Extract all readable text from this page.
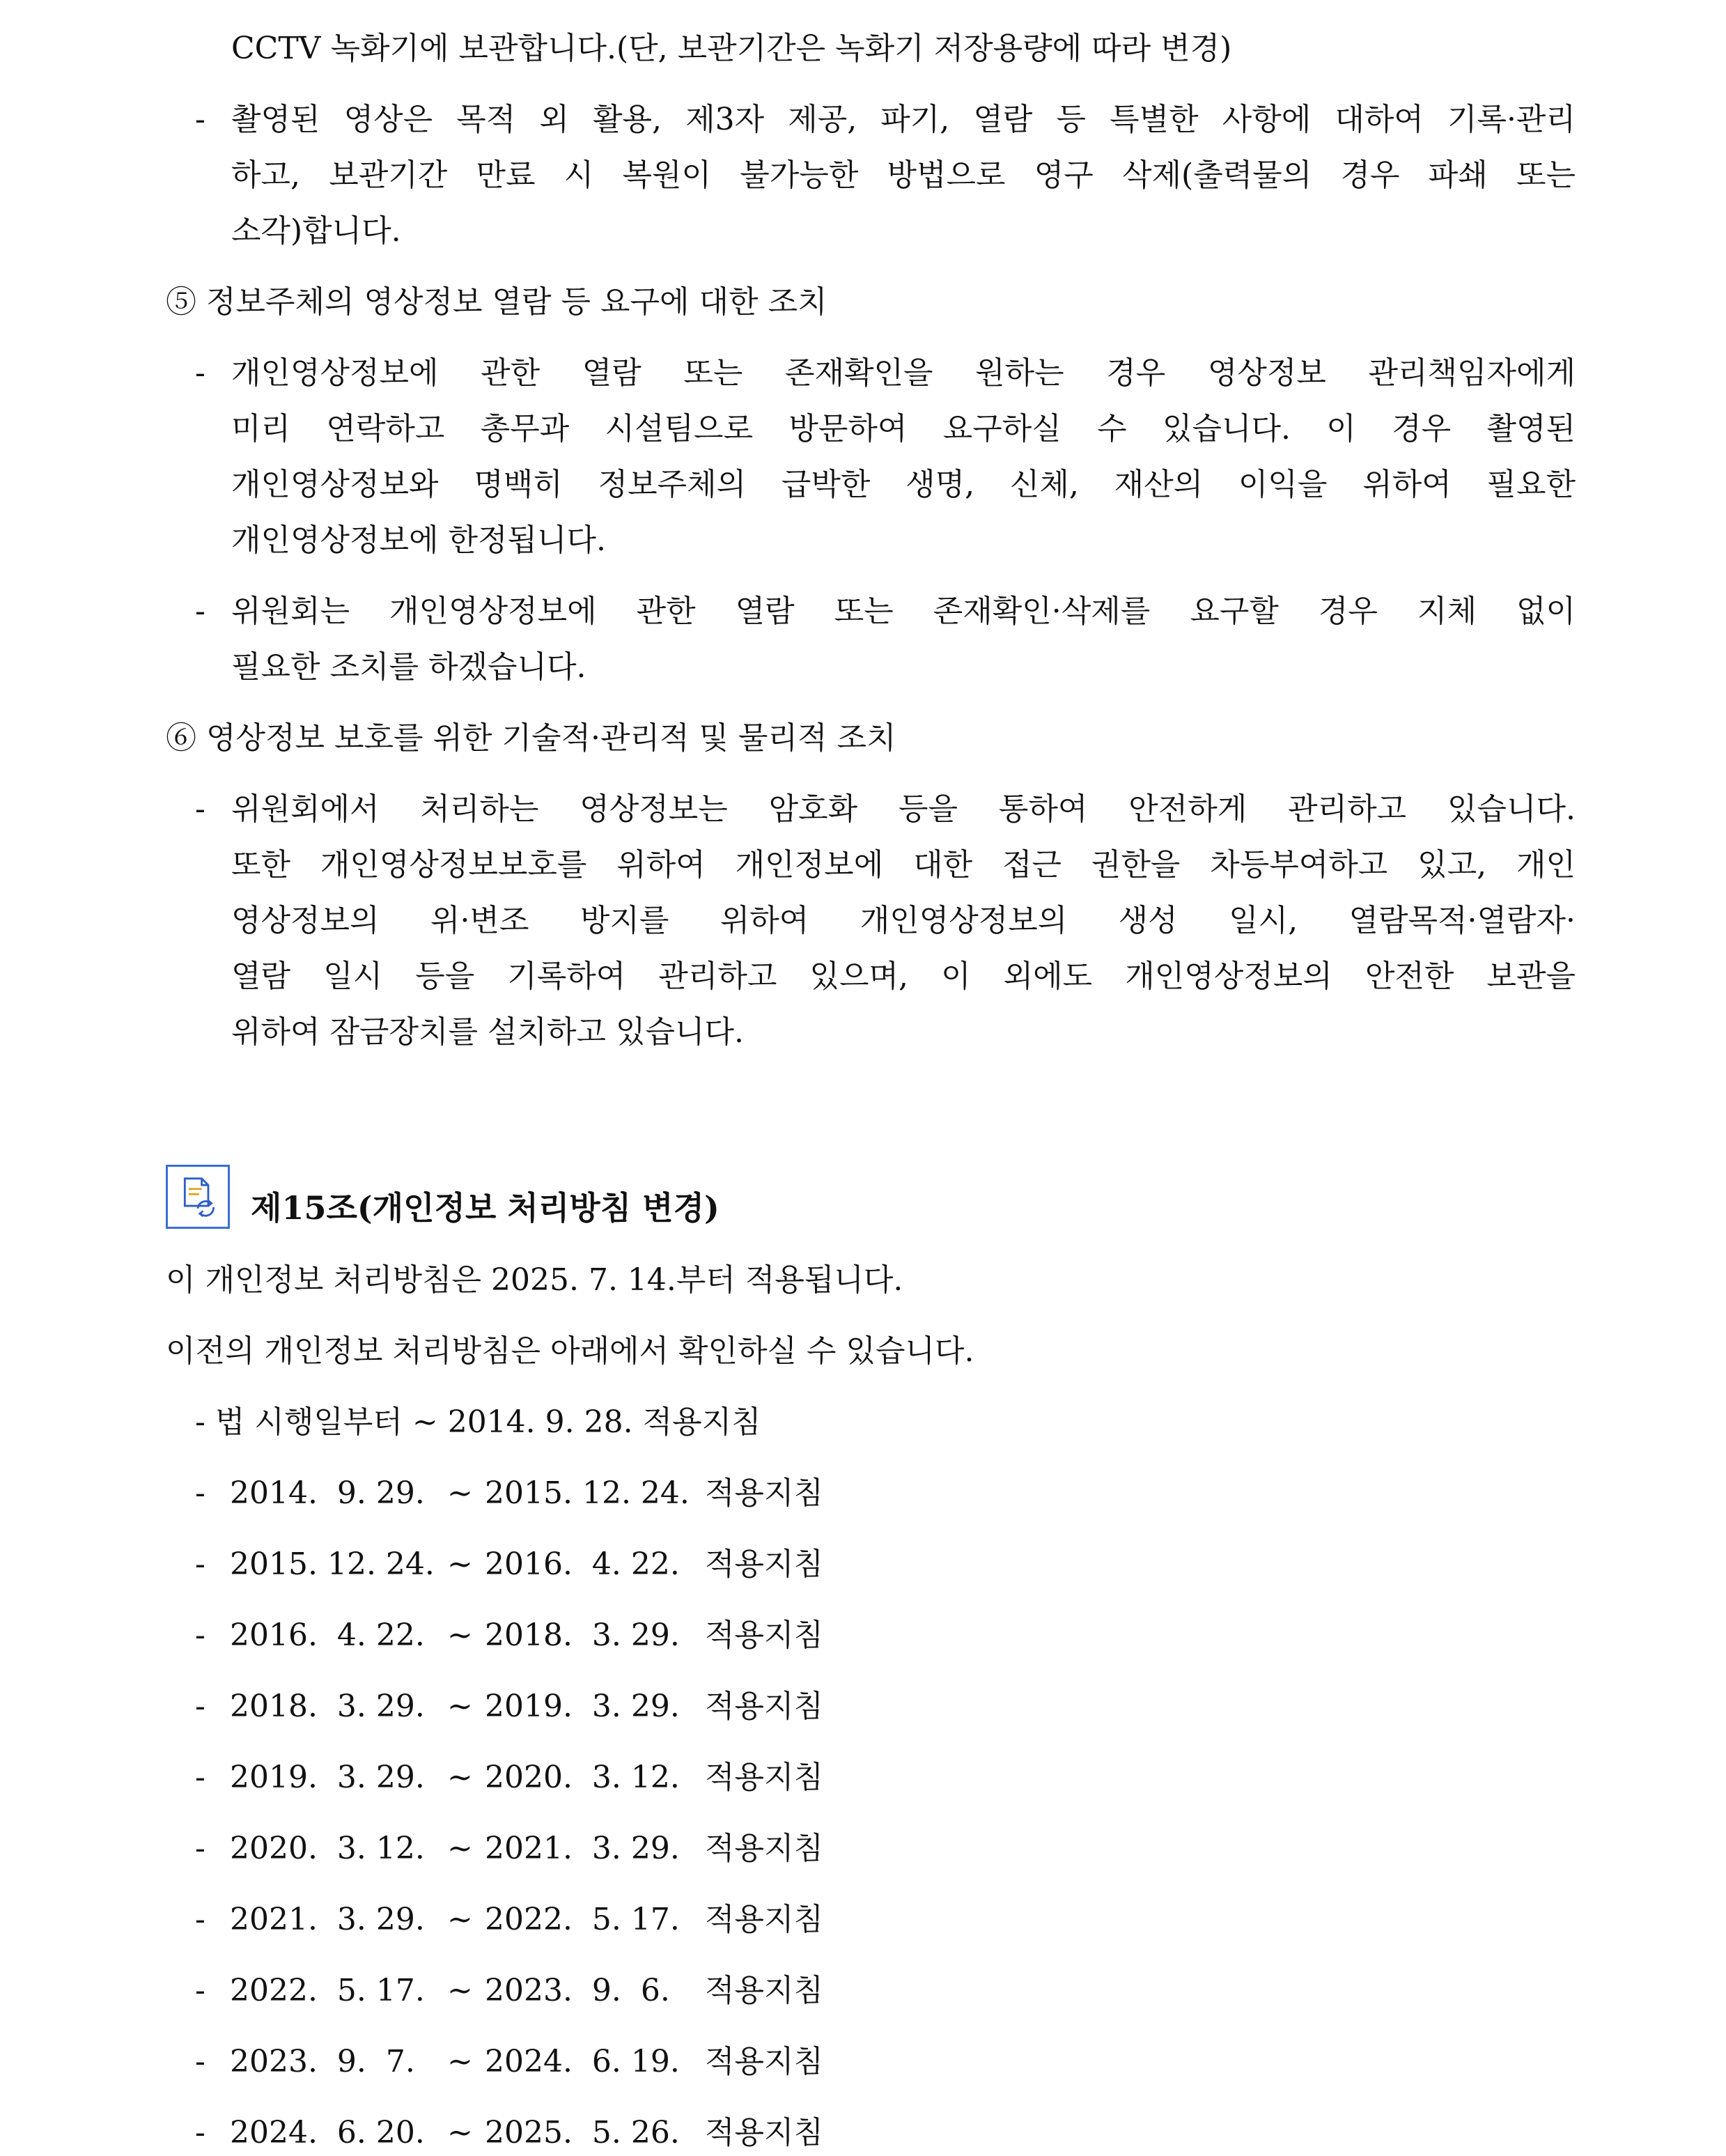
CCTV 녹화기에 보관합니다.(단, 보관기간은 녹화기 저장용량에 따라 변경)
- 촬영된 영상은 목적 외 활용, 제3자 제공, 파기, 열람 등 특별한 사항에 대하여 기록·관리
하고, 보관기간 만료 시 복원이 불가능한 방법으로 영구 삭제(출력물의 경우 파쇄 또는
소각)합니다.
⑤ 정보주체의 영상정보 열람 등 요구에 대한 조치
- 개인영상정보에 관한 열람 또는 존재확인을 원하는 경우 영상정보 관리책임자에게
미리 연락하고 총무과 시설팀으로 방문하여 요구하실 수 있습니다. 이 경우 촬영된
개인영상정보와 명백히 정보주체의 급박한 생명, 신체, 재산의 이익을 위하여 필요한
개인영상정보에 한정됩니다.
- 위원회는 개인영상정보에 관한 열람 또는 존재확인·삭제를 요구할 경우 지체 없이
필요한 조치를 하겠습니다.
⑥ 영상정보 보호를 위한 기술적·관리적 및 물리적 조치
- 위원회에서 처리하는 영상정보는 암호화 등을 통하여 안전하게 관리하고 있습니다.
또한 개인영상정보보호를 위하여 개인정보에 대한 접근 권한을 차등부여하고 있고, 개인
영상정보의 위·변조 방지를 위하여 개인영상정보의 생성 일시, 열람목적·열람자·
열람 일시 등을 기록하여 관리하고 있으며, 이 외에도 개인영상정보의 안전한 보관을
위하여 잠금장치를 설치하고 있습니다.
제15조(개인정보 처리방침 변경)
이 개인정보 처리방침은 2025. 7. 14.부터 적용됩니다.
이전의 개인정보 처리방침은 아래에서 확인하실 수 있습니다.
- 법 시행일부터 ~ 2014. 9. 28. 적용지침
- 2014.  9. 29. ~ 2015. 12. 24. 적용지침
- 2015. 12. 24. ~ 2016.  4. 22. 적용지침
- 2016.  4. 22. ~ 2018.  3. 29. 적용지침
- 2018.  3. 29. ~ 2019.  3. 29. 적용지침
- 2019.  3. 29. ~ 2020.  3. 12. 적용지침
- 2020.  3. 12. ~ 2021.  3. 29. 적용지침
- 2021.  3. 29. ~ 2022.  5. 17. 적용지침
- 2022.  5. 17. ~ 2023.  9.  6. 적용지침
- 2023.  9.  7. ~ 2024.  6. 19. 적용지침
- 2024.  6. 20. ~ 2025.  5. 26. 적용지침
